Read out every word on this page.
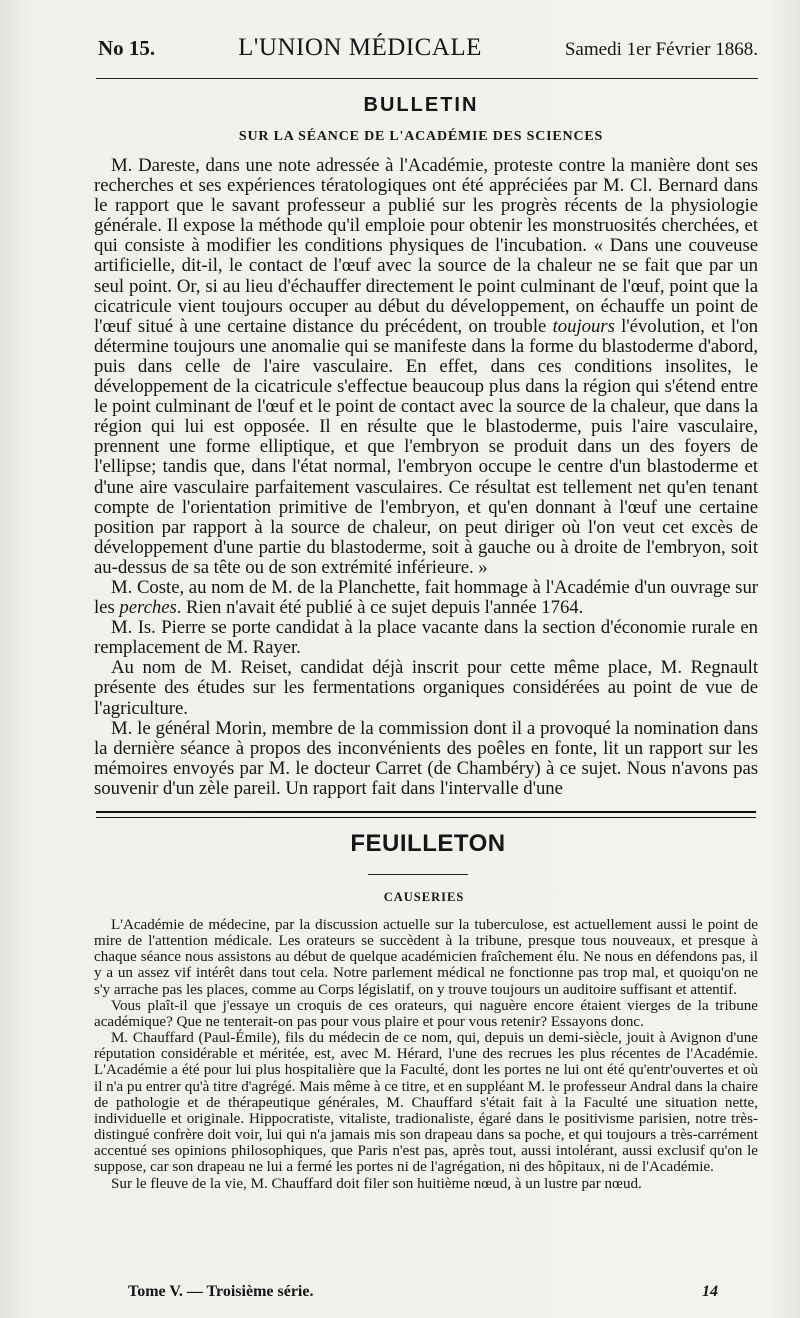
No 15.	L'UNION MÉDICALE	Samedi 1er Février 1868.
BULLETIN
SUR LA SÉANCE DE L'ACADÉMIE DES SCIENCES

M. Dareste, dans une note adressée à l'Académie, proteste contre la manière dont ses recherches et ses expériences tératologiques ont été appréciées par M. Cl. Bernard dans le rapport que le savant professeur a publié sur les progrès récents de la physiologie générale. Il expose la méthode qu'il emploie pour obtenir les monstruosités cherchées, et qui consiste à modifier les conditions physiques de l'incubation. « Dans une couveuse artificielle, dit-il, le contact de l'œuf avec la source de la chaleur ne se fait que par un seul point. Or, si au lieu d'échauffer directement le point culminant de l'œuf, point que la cicatricule vient toujours occuper au début du développement, on échauffe un point de l'œuf situé à une certaine distance du précédent, on trouble toujours l'évolution, et l'on détermine toujours une anomalie qui se manifeste dans la forme du blastoderme d'abord, puis dans celle de l'aire vasculaire. En effet, dans ces conditions insolites, le développement de la cicatricule s'effectue beaucoup plus dans la région qui s'étend entre le point culminant de l'œuf et le point de contact avec la source de la chaleur, que dans la région qui lui est opposée. Il en résulte que le blastoderme, puis l'aire vasculaire, prennent une forme elliptique, et que l'embryon se produit dans un des foyers de l'ellipse; tandis que, dans l'état normal, l'embryon occupe le centre d'un blastoderme et d'une aire vasculaire parfaitement vasculaires. Ce résultat est tellement net qu'en tenant compte de l'orientation primitive de l'embryon, et qu'en donnant à l'œuf une certaine position par rapport à la source de chaleur, on peut diriger où l'on veut cet excès de développement d'une partie du blastoderme, soit à gauche ou à droite de l'embryon, soit au-dessus de sa tête ou de son extrémité inférieure. »

M. Coste, au nom de M. de la Planchette, fait hommage à l'Académie d'un ouvrage sur les perches. Rien n'avait été publié à ce sujet depuis l'année 1764.

M. Is. Pierre se porte candidat à la place vacante dans la section d'économie rurale en remplacement de M. Rayer.

Au nom de M. Reiset, candidat déjà inscrit pour cette même place, M. Regnault présente des études sur les fermentations organiques considérées au point de vue de l'agriculture.

M. le général Morin, membre de la commission dont il a provoqué la nomination dans la dernière séance à propos des inconvénients des poêles en fonte, lit un rapport sur les mémoires envoyés par M. le docteur Carret (de Chambéry) à ce sujet. Nous n'avons pas souvenir d'un zèle pareil. Un rapport fait dans l'intervalle d'une

FEUILLETON
CAUSERIES

L'Académie de médecine, par la discussion actuelle sur la tuberculose, est actuellement aussi le point de mire de l'attention médicale. Les orateurs se succèdent à la tribune, presque tous nouveaux, et presque à chaque séance nous assistons au début de quelque académicien fraîchement élu. Ne nous en défendons pas, il y a un assez vif intérêt dans tout cela. Notre parlement médical ne fonctionne pas trop mal, et quoiqu'on ne s'y arrache pas les places, comme au Corps législatif, on y trouve toujours un auditoire suffisant et attentif.

Vous plaît-il que j'essaye un croquis de ces orateurs, qui naguère encore étaient vierges de la tribune académique? Que ne tenterait-on pas pour vous plaire et pour vous retenir? Essayons donc.

M. Chauffard (Paul-Émile), fils du médecin de ce nom, qui, depuis un demi-siècle, jouit à Avignon d'une réputation considérable et méritée, est, avec M. Hérard, l'une des recrues les plus récentes de l'Académie. L'Académie a été pour lui plus hospitalière que la Faculté, dont les portes ne lui ont été qu'entr'ouvertes et où il n'a pu entrer qu'à titre d'agrégé. Mais même à ce titre, et en suppléant M. le professeur Andral dans la chaire de pathologie et de thérapeutique générales, M. Chauffard s'était fait à la Faculté une situation nette, individuelle et originale. Hippocratiste, vitaliste, tradionaliste, égaré dans le positivisme parisien, notre très-distingué confrère doit voir, lui qui n'a jamais mis son drapeau dans sa poche, et qui toujours a très-carrément accentué ses opinions philosophiques, que Paris n'est pas, après tout, aussi intolérant, aussi exclusif qu'on le suppose, car son drapeau ne lui a fermé les portes ni de l'agrégation, ni des hôpitaux, ni de l'Académie.

Sur le fleuve de la vie, M. Chauffard doit filer son huitième nœud, à un lustre par nœud.

Tome V. — Troisième série.	14
